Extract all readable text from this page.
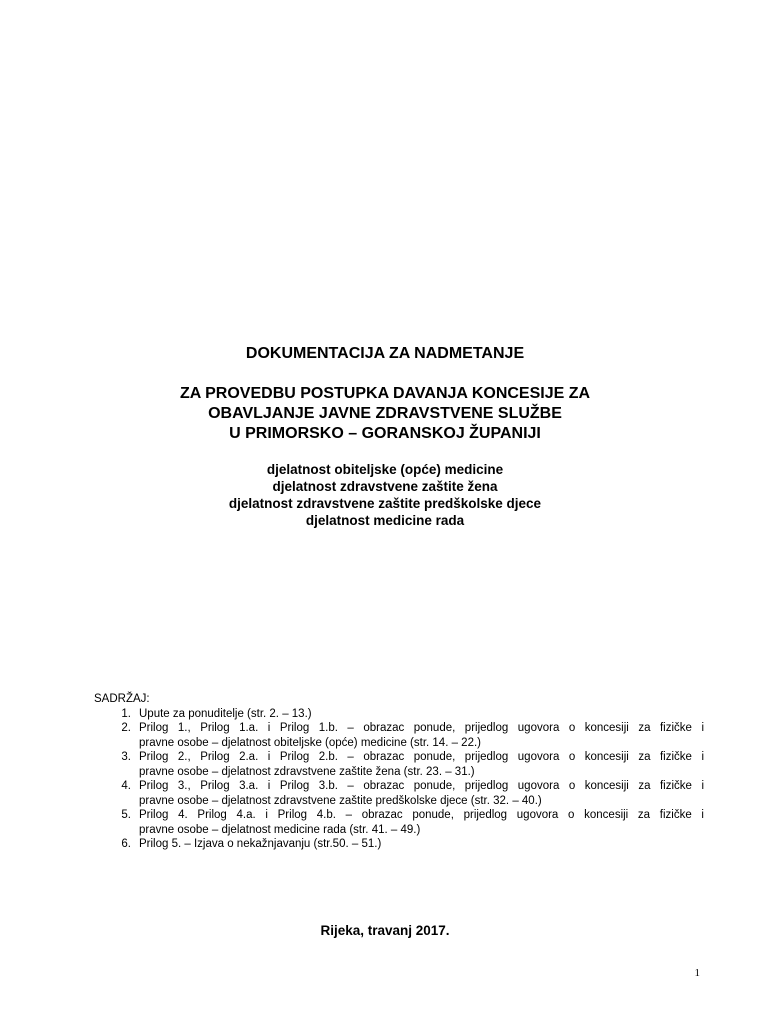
DOKUMENTACIJA ZA NADMETANJE
ZA PROVEDBU POSTUPKA DAVANJA KONCESIJE ZA
OBAVLJANJE JAVNE ZDRAVSTVENE SLUŽBE
U PRIMORSKO – GORANSKOJ ŽUPANIJI
djelatnost obiteljske (opće) medicine
djelatnost zdravstvene zaštite žena
djelatnost zdravstvene zaštite predškolske djece
djelatnost medicine rada
SADRŽAJ:
1. Upute za ponuditelje (str. 2. – 13.)
2. Prilog 1., Prilog 1.a. i Prilog 1.b. – obrazac ponude, prijedlog ugovora o koncesiji za fizičke i
pravne osobe – djelatnost obiteljske (opće) medicine (str. 14. – 22.)
3. Prilog 2., Prilog 2.a. i Prilog 2.b. – obrazac ponude, prijedlog ugovora o koncesiji za fizičke i
pravne osobe – djelatnost zdravstvene zaštite žena (str. 23. – 31.)
4. Prilog 3., Prilog 3.a. i Prilog 3.b. – obrazac ponude, prijedlog ugovora o koncesiji za fizičke i
pravne osobe – djelatnost zdravstvene zaštite predškolske djece (str. 32. – 40.)
5. Prilog 4. Prilog 4.a. i Prilog 4.b. – obrazac ponude, prijedlog ugovora o koncesiji za fizičke i
pravne osobe – djelatnost medicine rada (str. 41. – 49.)
6. Prilog 5. – Izjava o nekažnjavanju (str.50. – 51.)
Rijeka, travanj 2017.
1
